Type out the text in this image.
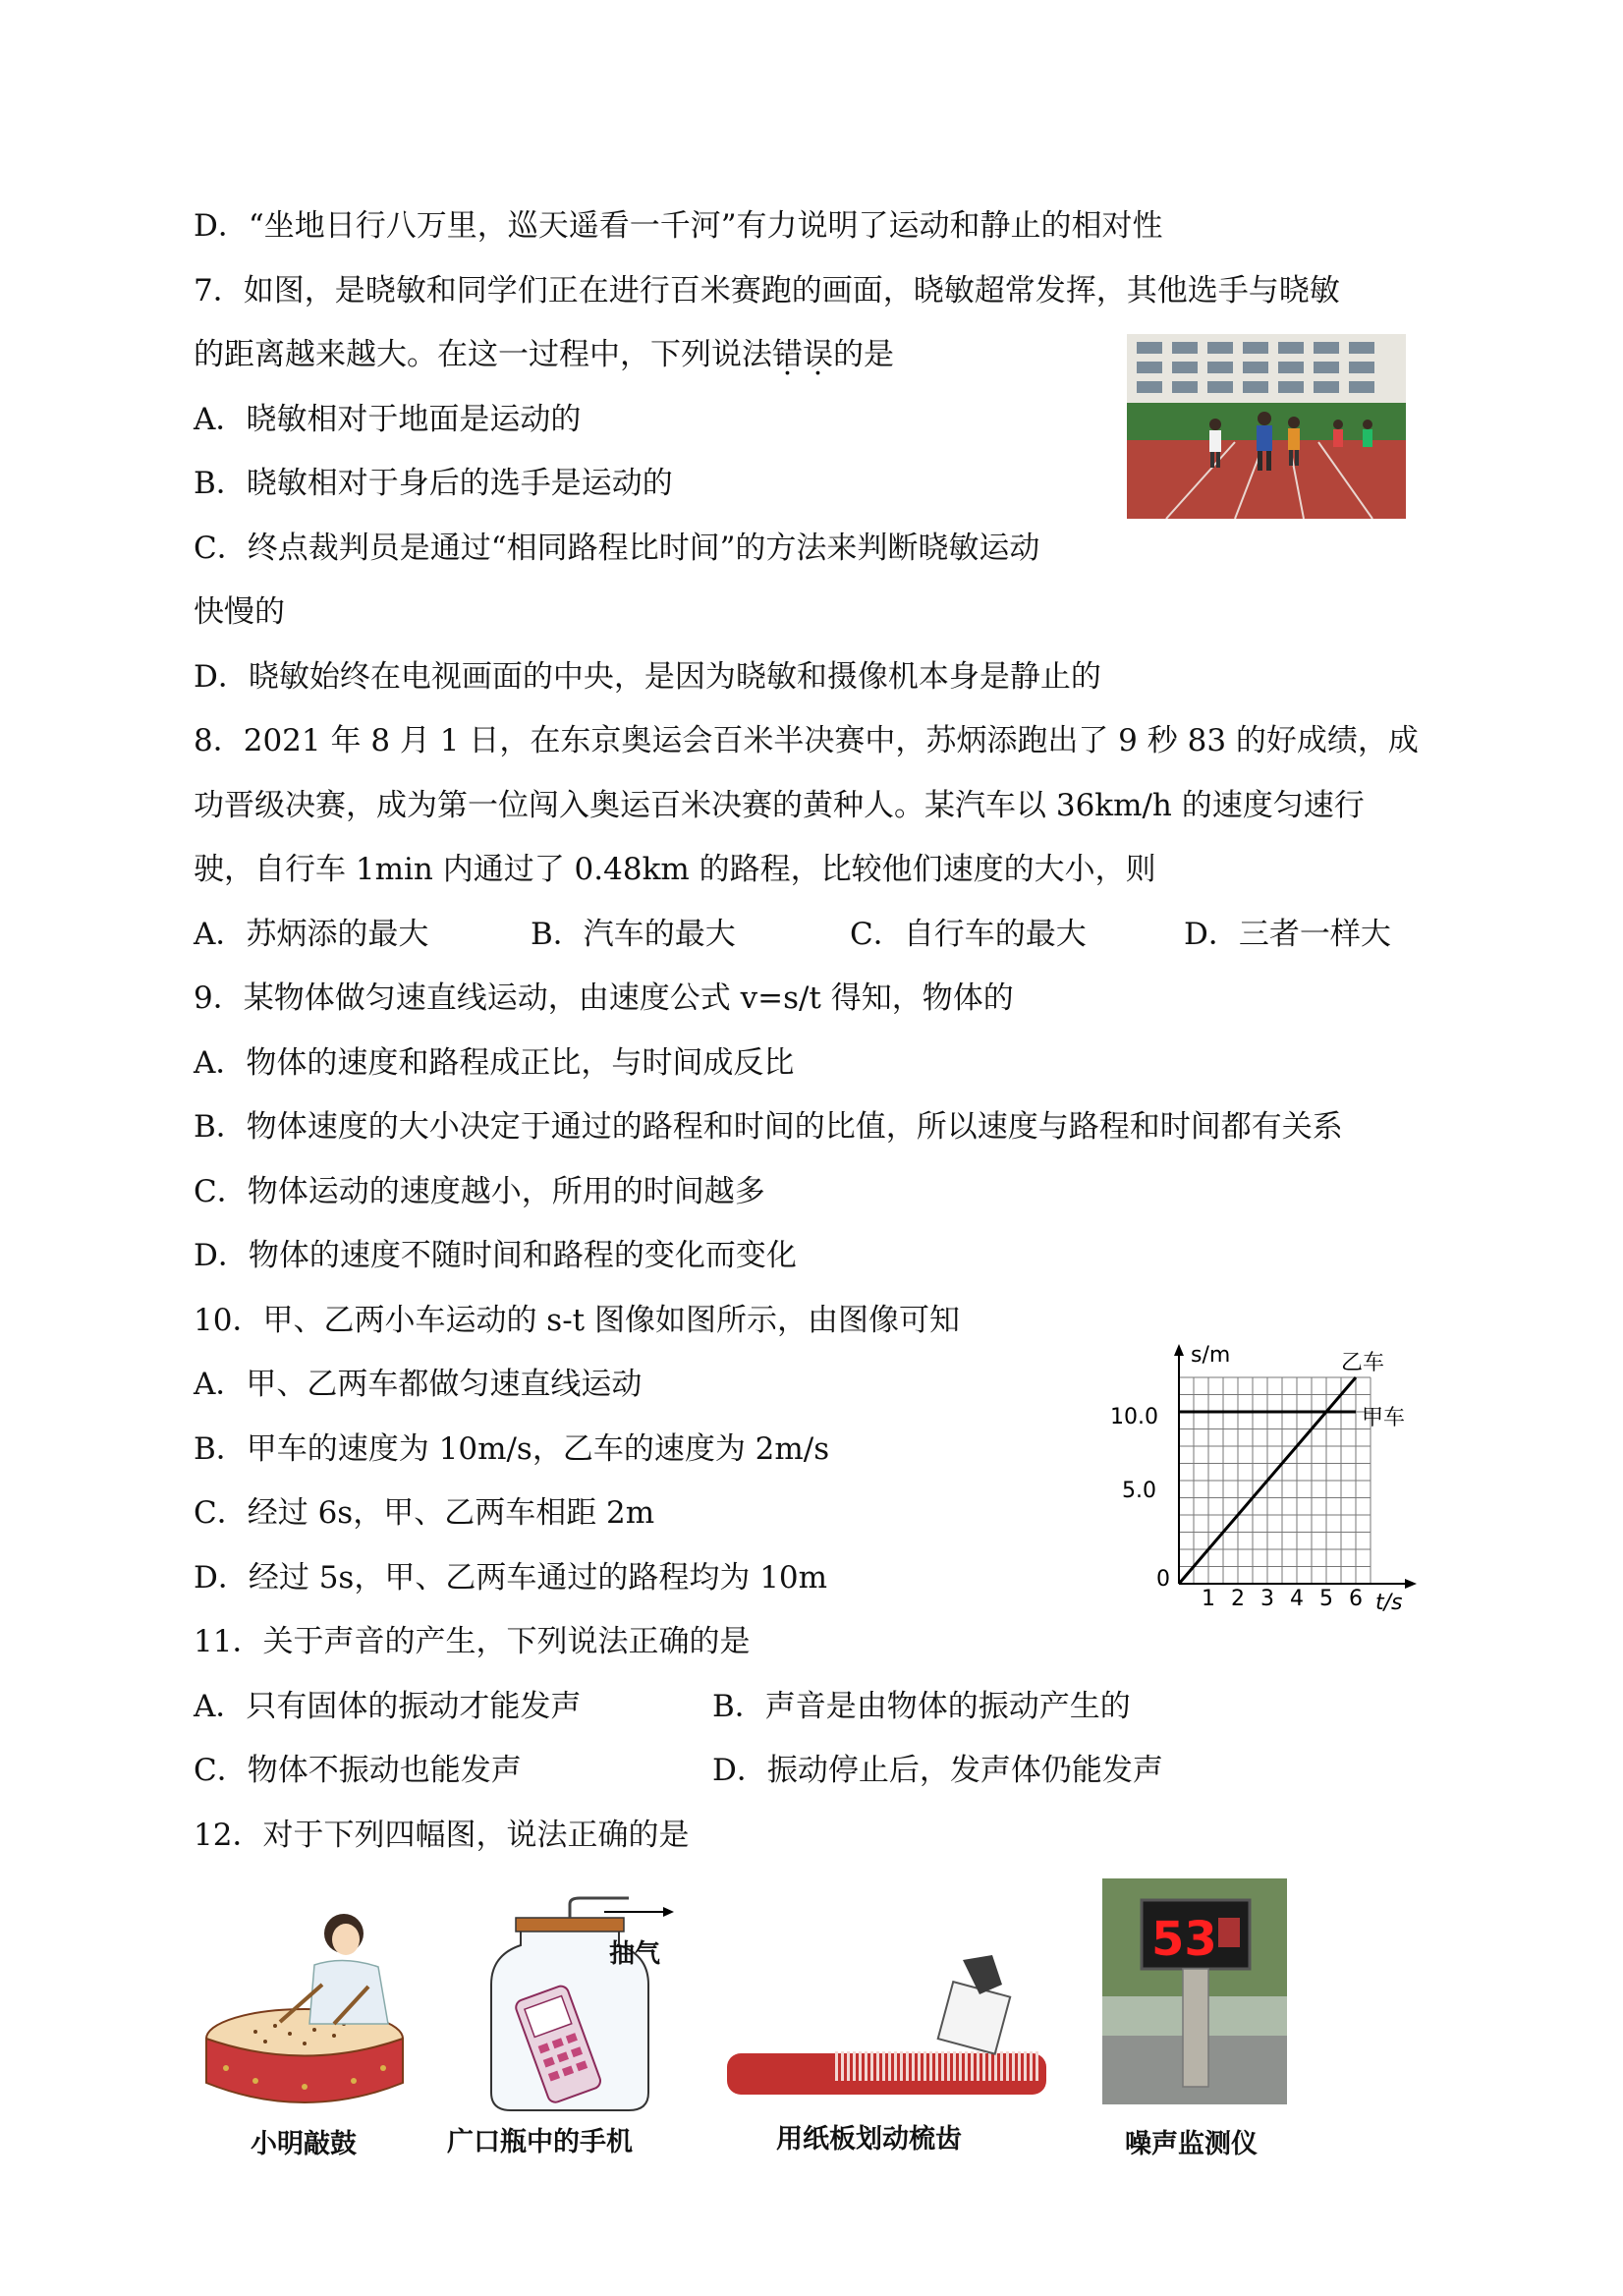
D．“坐地日行八万里，巡天遥看一千河”有力说明了运动和静止的相对性
7．如图，是晓敏和同学们正在进行百米赛跑的画面，晓敏超常发挥，其他选手与晓敏
的距离越来越大。在这一过程中，下列说法错误的是
A．晓敏相对于地面是运动的
B．晓敏相对于身后的选手是运动的
C．终点裁判员是通过“相同路程比时间”的方法来判断晓敏运动
快慢的
D．晓敏始终在电视画面的中央，是因为晓敏和摄像机本身是静止的
8．2021 年 8 月 1 日，在东京奥运会百米半决赛中，苏炳添跑出了 9 秒 83 的好成绩，成
功晋级决赛，成为第一位闯入奥运百米决赛的黄种人。某汽车以 36km/h 的速度匀速行
驶，自行车 1min 内通过了 0.48km 的路程，比较他们速度的大小，则
A．苏炳添的最大	B．汽车的最大	C．自行车的最大	D．三者一样大
9．某物体做匀速直线运动，由速度公式 v=s/t 得知，物体的
A．物体的速度和路程成正比，与时间成反比
B．物体速度的大小决定于通过的路程和时间的比值，所以速度与路程和时间都有关系
C．物体运动的速度越小，所用的时间越多
D．物体的速度不随时间和路程的变化而变化
10．甲、乙两小车运动的 s-t 图像如图所示，由图像可知
A．甲、乙两车都做匀速直线运动
B．甲车的速度为 10m/s，乙车的速度为 2m/s
C．经过 6s，甲、乙两车相距 2m
D．经过 5s，甲、乙两车通过的路程均为 10m
11．关于声音的产生，下列说法正确的是
A．只有固体的振动才能发声	B．声音是由物体的振动产生的
C．物体不振动也能发声	D．振动停止后，发声体仍能发声
12．对于下列四幅图，说法正确的是
s/m
t/s
10.0
5.0
0
1 2 3 4 5 6
乙车
甲车
小明敲鼓
抽气
广口瓶中的手机	用纸板划动梳齿
53
噪声监测仪
